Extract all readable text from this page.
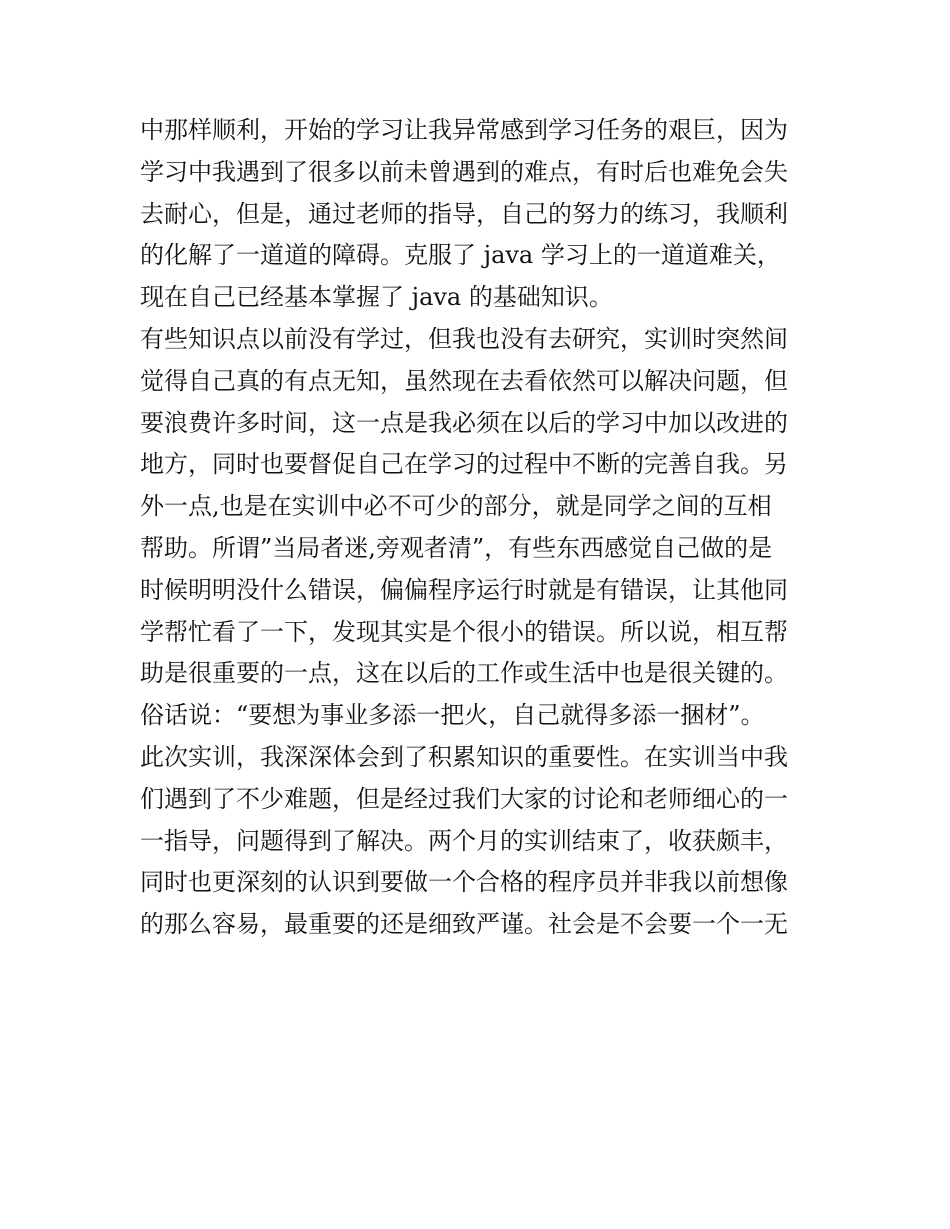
中那样顺利，开始的学习让我异常感到学习任务的艰巨，因为
学习中我遇到了很多以前未曾遇到的难点，有时后也难免会失
去耐心，但是，通过老师的指导，自己的努力的练习，我顺利
的化解了一道道的障碍。克服了 java 学习上的一道道难关，
现在自己已经基本掌握了 java 的基础知识。
有些知识点以前没有学过，但我也没有去研究，实训时突然间
觉得自己真的有点无知，虽然现在去看依然可以解决问题，但
要浪费许多时间，这一点是我必须在以后的学习中加以改进的
地方，同时也要督促自己在学习的过程中不断的完善自我。另
外一点,也是在实训中必不可少的部分，就是同学之间的互相
帮助。所谓”当局者迷,旁观者清”，有些东西感觉自己做的是
时候明明没什么错误，偏偏程序运行时就是有错误，让其他同
学帮忙看了一下，发现其实是个很小的错误。所以说，相互帮
助是很重要的一点，这在以后的工作或生活中也是很关键的。
俗话说：“要想为事业多添一把火，自己就得多添一捆材”。
此次实训，我深深体会到了积累知识的重要性。在实训当中我
们遇到了不少难题，但是经过我们大家的讨论和老师细心的一
一指导，问题得到了解决。两个月的实训结束了，收获颇丰，
同时也更深刻的认识到要做一个合格的程序员并非我以前想像
的那么容易，最重要的还是细致严谨。社会是不会要一个一无
